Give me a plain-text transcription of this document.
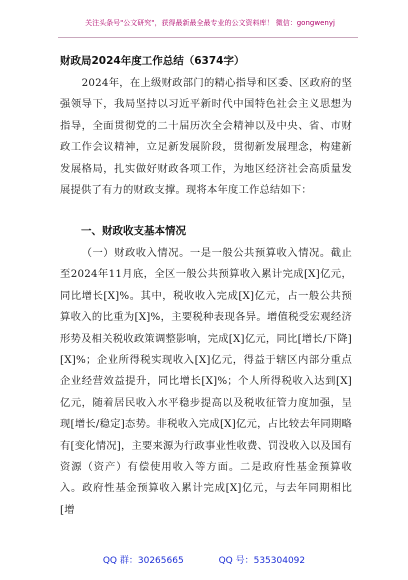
关注头条号"公文研究"，获得最新最全最专业的公文资料库！ 微信：gongwenyj
财政局2024年度工作总结（6374字）

2024年，在上级财政部门的精心指导和区委、区政府的坚强领导下，我局坚持以习近平新时代中国特色社会主义思想为指导，全面贯彻党的二十届历次全会精神以及中央、省、市财政工作会议精神，立足新发展阶段，贯彻新发展理念，构建新发展格局，扎实做好财政各项工作，为地区经济社会高质量发展提供了有力的财政支撑。现将本年度工作总结如下：

一、财政收支基本情况

（一）财政收入情况。一是一般公共预算收入情况。截止至2024年11月底，全区一般公共预算收入累计完成[X]亿元，同比增长[X]%。其中，税收收入完成[X]亿元，占一般公共预算收入的比重为[X]%，主要税种表现各异。增值税受宏观经济形势及相关税收政策调整影响，完成[X]亿元，同比[增长/下降][X]%；企业所得税实现收入[X]亿元，得益于辖区内部分重点企业经营效益提升，同比增长[X]%；个人所得税收入达到[X]亿元，随着居民收入水平稳步提高以及税收征管力度加强，呈现[增长/稳定]态势。非税收入完成[X]亿元，占比较去年同期略有[变化情况]，主要来源为行政事业性收费、罚没收入以及国有资源（资产）有偿使用收入等方面。二是政府性基金预算收入。政府性基金预算收入累计完成[X]亿元，与去年同期相比[增

QQ 群：30265665	QQ 号：535304092
